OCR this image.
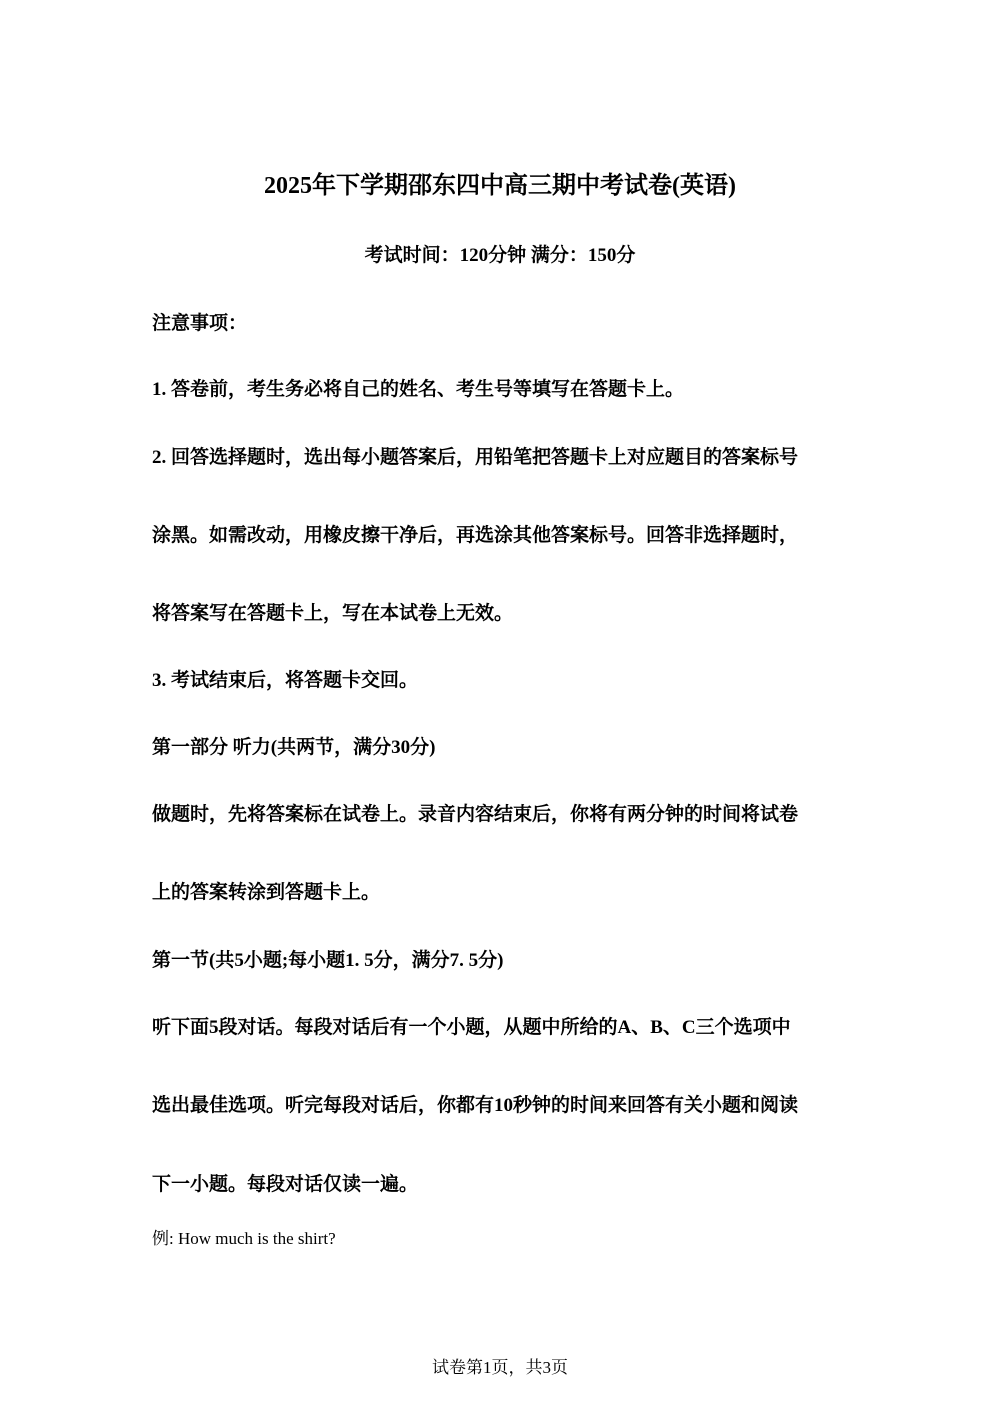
2025年下学期邵东四中高三期中考试卷(英语)
考试时间：120分钟 满分：150分
注意事项：
1. 答卷前，考生务必将自己的姓名、考生号等填写在答题卡上。
2. 回答选择题时，选出每小题答案后，用铅笔把答题卡上对应题目的答案标号
涂黑。如需改动，用橡皮擦干净后，再选涂其他答案标号。回答非选择题时，
将答案写在答题卡上，写在本试卷上无效。
3. 考试结束后，将答题卡交回。
第一部分 听力(共两节，满分30分)
做题时，先将答案标在试卷上。录音内容结束后，你将有两分钟的时间将试卷
上的答案转涂到答题卡上。
第一节(共5小题;每小题1. 5分，满分7. 5分)
听下面5段对话。每段对话后有一个小题，从题中所给的A、B、C三个选项中
选出最佳选项。听完每段对话后，你都有10秒钟的时间来回答有关小题和阅读
下一小题。每段对话仅读一遍。
例: How much is the shirt?
试卷第1页，共3页
